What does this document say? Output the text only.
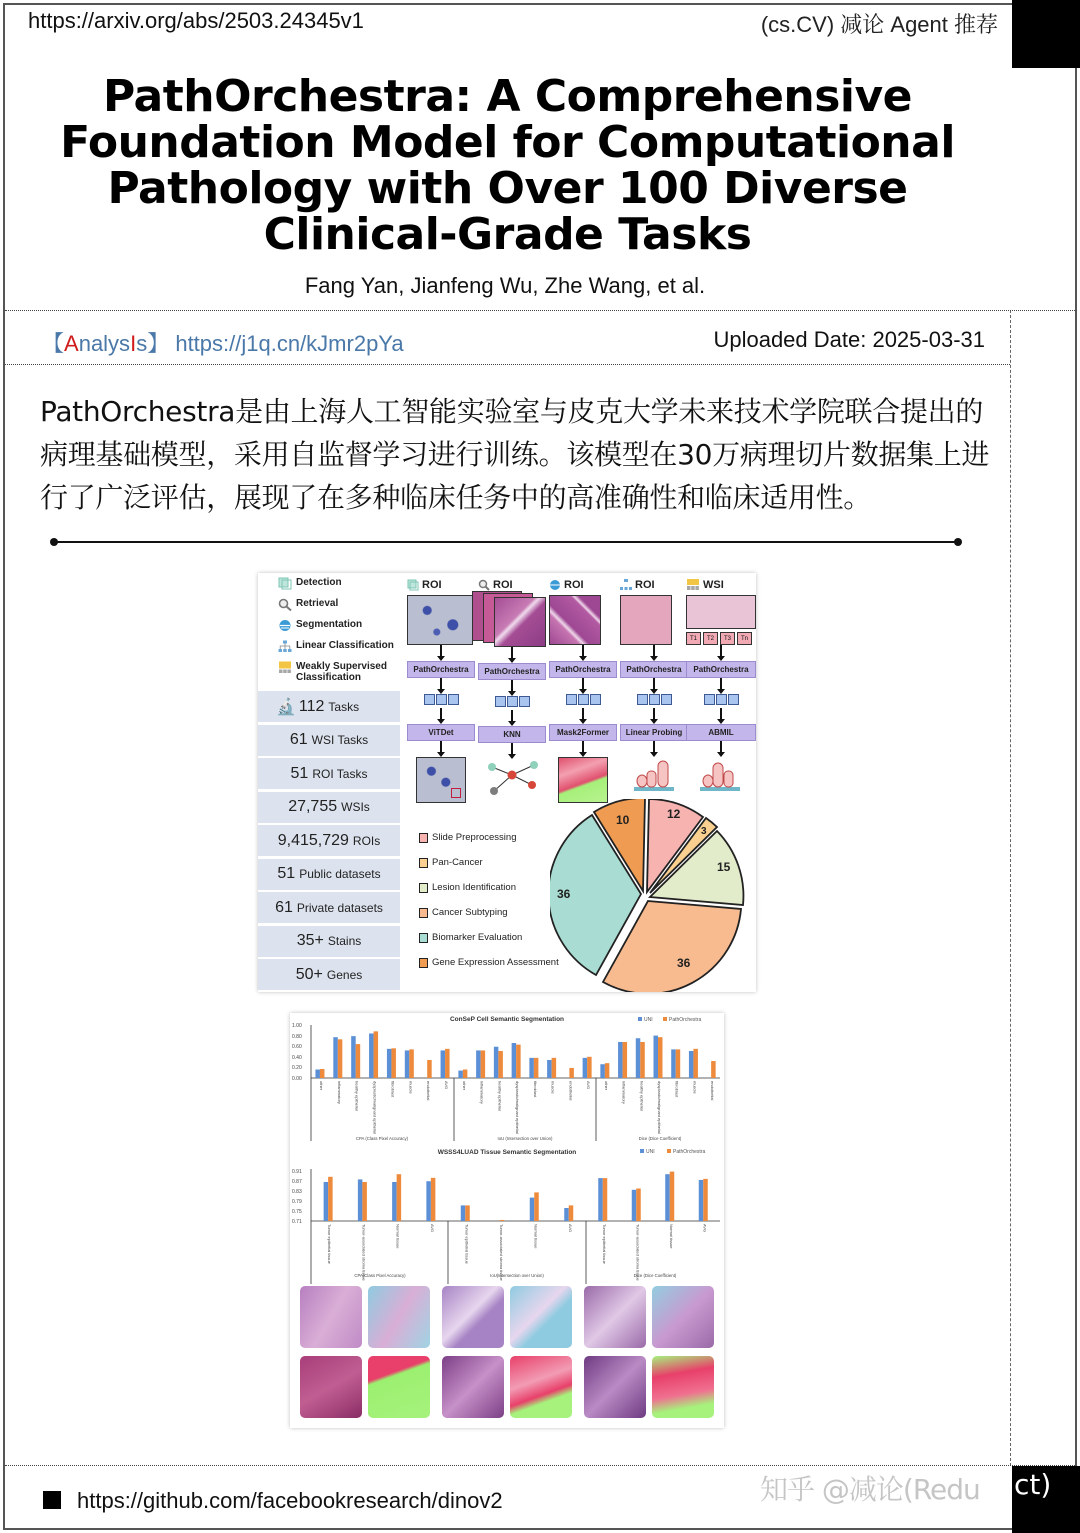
https://arxiv.org/abs/2503.24345v1	(cs.CV) 减论 Agent 推荐
PathOrchestra: A Comprehensive Foundation Model for Computational Pathology with Over 100 Diverse Clinical-Grade Tasks
Fang Yan, Jianfeng Wu, Zhe Wang, et al.
【AnalysIs】 https://j1q.cn/kJmr2pYa	Uploaded Date: 2025-03-31

PathOrchestra是由上海人工智能实验室与皮克大学未来技术学院联合提出的病理基础模型，采用自监督学习进行训练。该模型在30万病理切片数据集上进行了广泛评估，展现了在多种临床任务中的高准确性和临床适用性。

Detection
Retrieval
Segmentation
Linear Classification
Weakly Supervised Classification
🔬 112 Tasks
61 WSI Tasks
51 ROI Tasks
27,755 WSIs
9,415,729 ROIs
51 Public datasets
61 Private datasets
35+ Stains
50+ Genes
ROI
PathOrchestra
ViTDet
ROI
PathOrchestra
KNN
ROI
PathOrchestra
Mask2Former
ROI
PathOrchestra
Linear Probing
WSI
T1	T2	T3	Tn
PathOrchestra
ABMIL
Slide Preprocessing
Pan-Cancer
Lesion Identification
Cancer Subtyping
Biomarker Evaluation
Gene Expression Assessment
12
3
15
36
36
10
ConSeP Cell Semantic Segmentation	UNI	PathOrchestra
0.00
0.20
0.40
0.60
0.80
1.00
other	inflammatory	healthy epithelial	dysplastic/malignant epithelial	fibroblast	muscle	endothelial	AVG	other	inflammatory	healthy epithelial	dysplastic/malignant epithelial	fibroblast	muscle	endothelial	AVG	other	inflammatory	healthy epithelial	dysplastic/malignant epithelial	fibroblast	muscle	endothelial
CPA (Class Pixel Accuracy)	IoU (Intersection over Union)	Dice (Dice Coefficient)
WSSS4LUAD Tissue Semantic Segmentation	UNI	PathOrchestra
0.71
0.75
0.79
0.83
0.87
0.91
Tumor epithelial tissue	Tumor-associated stroma tissue	Normal tissue	AVG	Tumor epithelial tissue	Tumor-associated stroma tissue	Normal tissue	AVG	Tumor epithelial tissue	Tumor-associated stroma tissue	Normal tissue	AVG
CPA(Class Pixel Accuracy)	IoU(Intersection over Union)	Dice (Dice Coefficient)
https://github.com/facebookresearch/dinov2	知乎 @减论(Redu ct)
